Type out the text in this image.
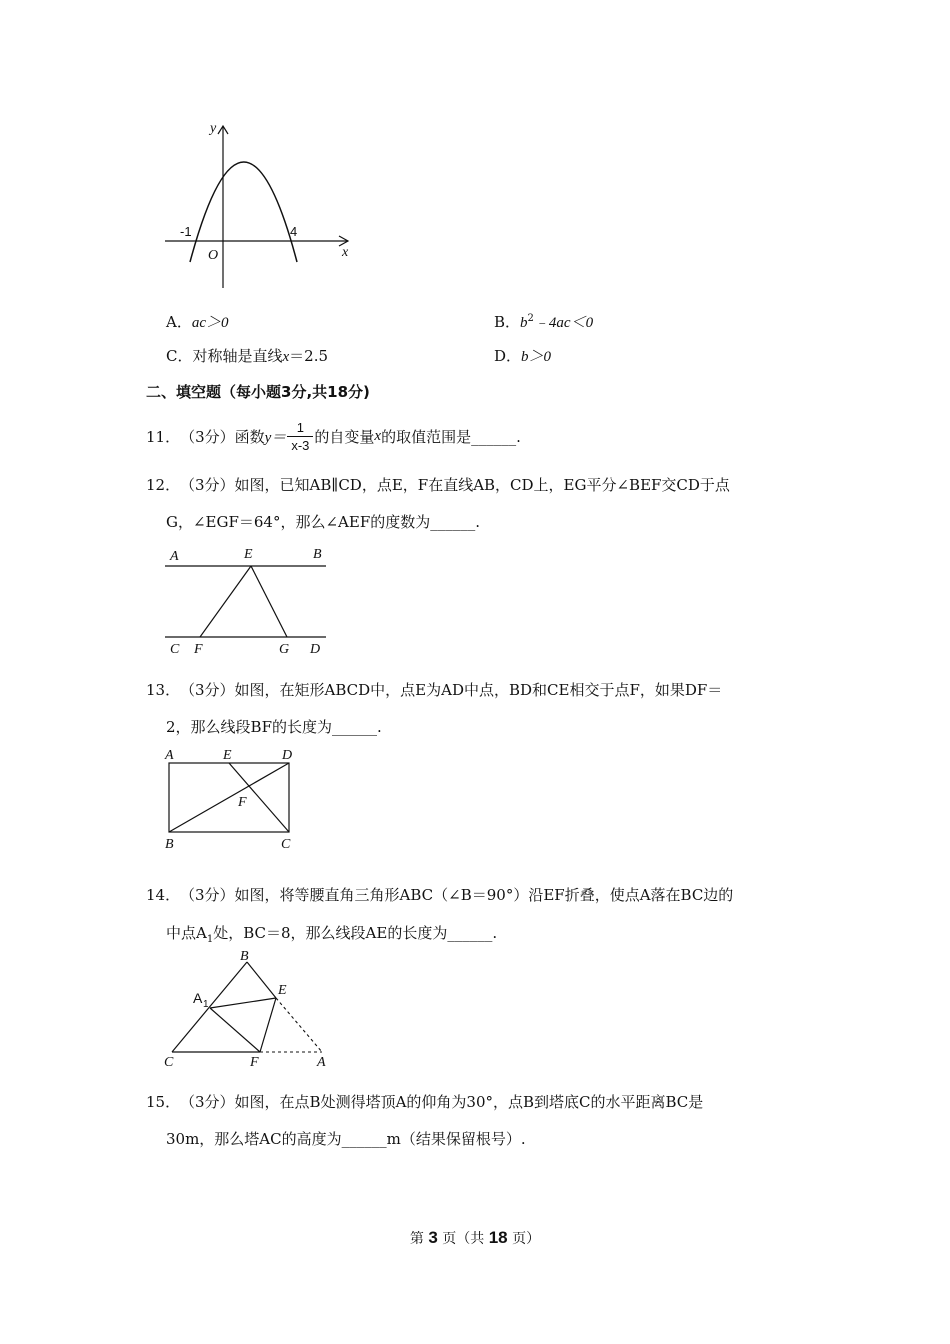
y
x
O
-1	4
A．ac＞0	B．$b^2﹣4ac<0$
C．对称轴是直线x＝2.5	D．b＞0
二、填空题（每小题3分,共18分)
11． （3分）函数 $y= \frac{1}{x-3}$ 的自变量 x 的取值范围是______.
12． （3分）如图，已知AB∥CD，点E，F在直线AB，CD上，EG平分∠BEF交CD于点
G，∠EGF＝64°，那么∠AEF的度数为______.
A	E	B
C F	G D
13． （3分）如图，在矩形ABCD中，点E为AD中点，BD和CE相交于点F，如果DF＝
2，那么线段BF的长度为______.
A	E	D
F
B	C
14． （3分）如图，将等腰直角三角形ABC（∠B＝90°）沿EF折叠，使点A落在BC边的
中点$A_1$处，BC＝8，那么线段AE的长度为______.
B
A 1
E
C	F	A
15． （3分）如图，在点B处测得塔顶A的仰角为30°，点B到塔底C的水平距离BC是
30m，那么塔AC的高度为______m（结果保留根号）.
第 3 页（共 18 页）
